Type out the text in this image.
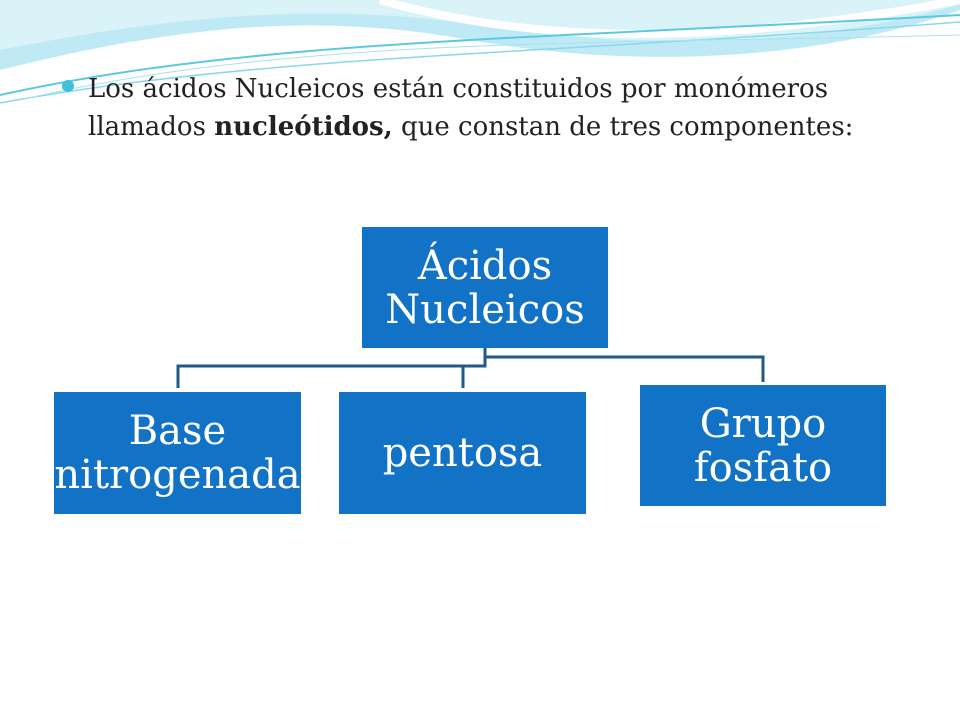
Los ácidos Nucleicos están constituidos por monómeros llamados nucleótidos, que constan de tres componentes:
Ácidos
Nucleicos
Base
nitrogenada pentosa
Grupo
fosfato
